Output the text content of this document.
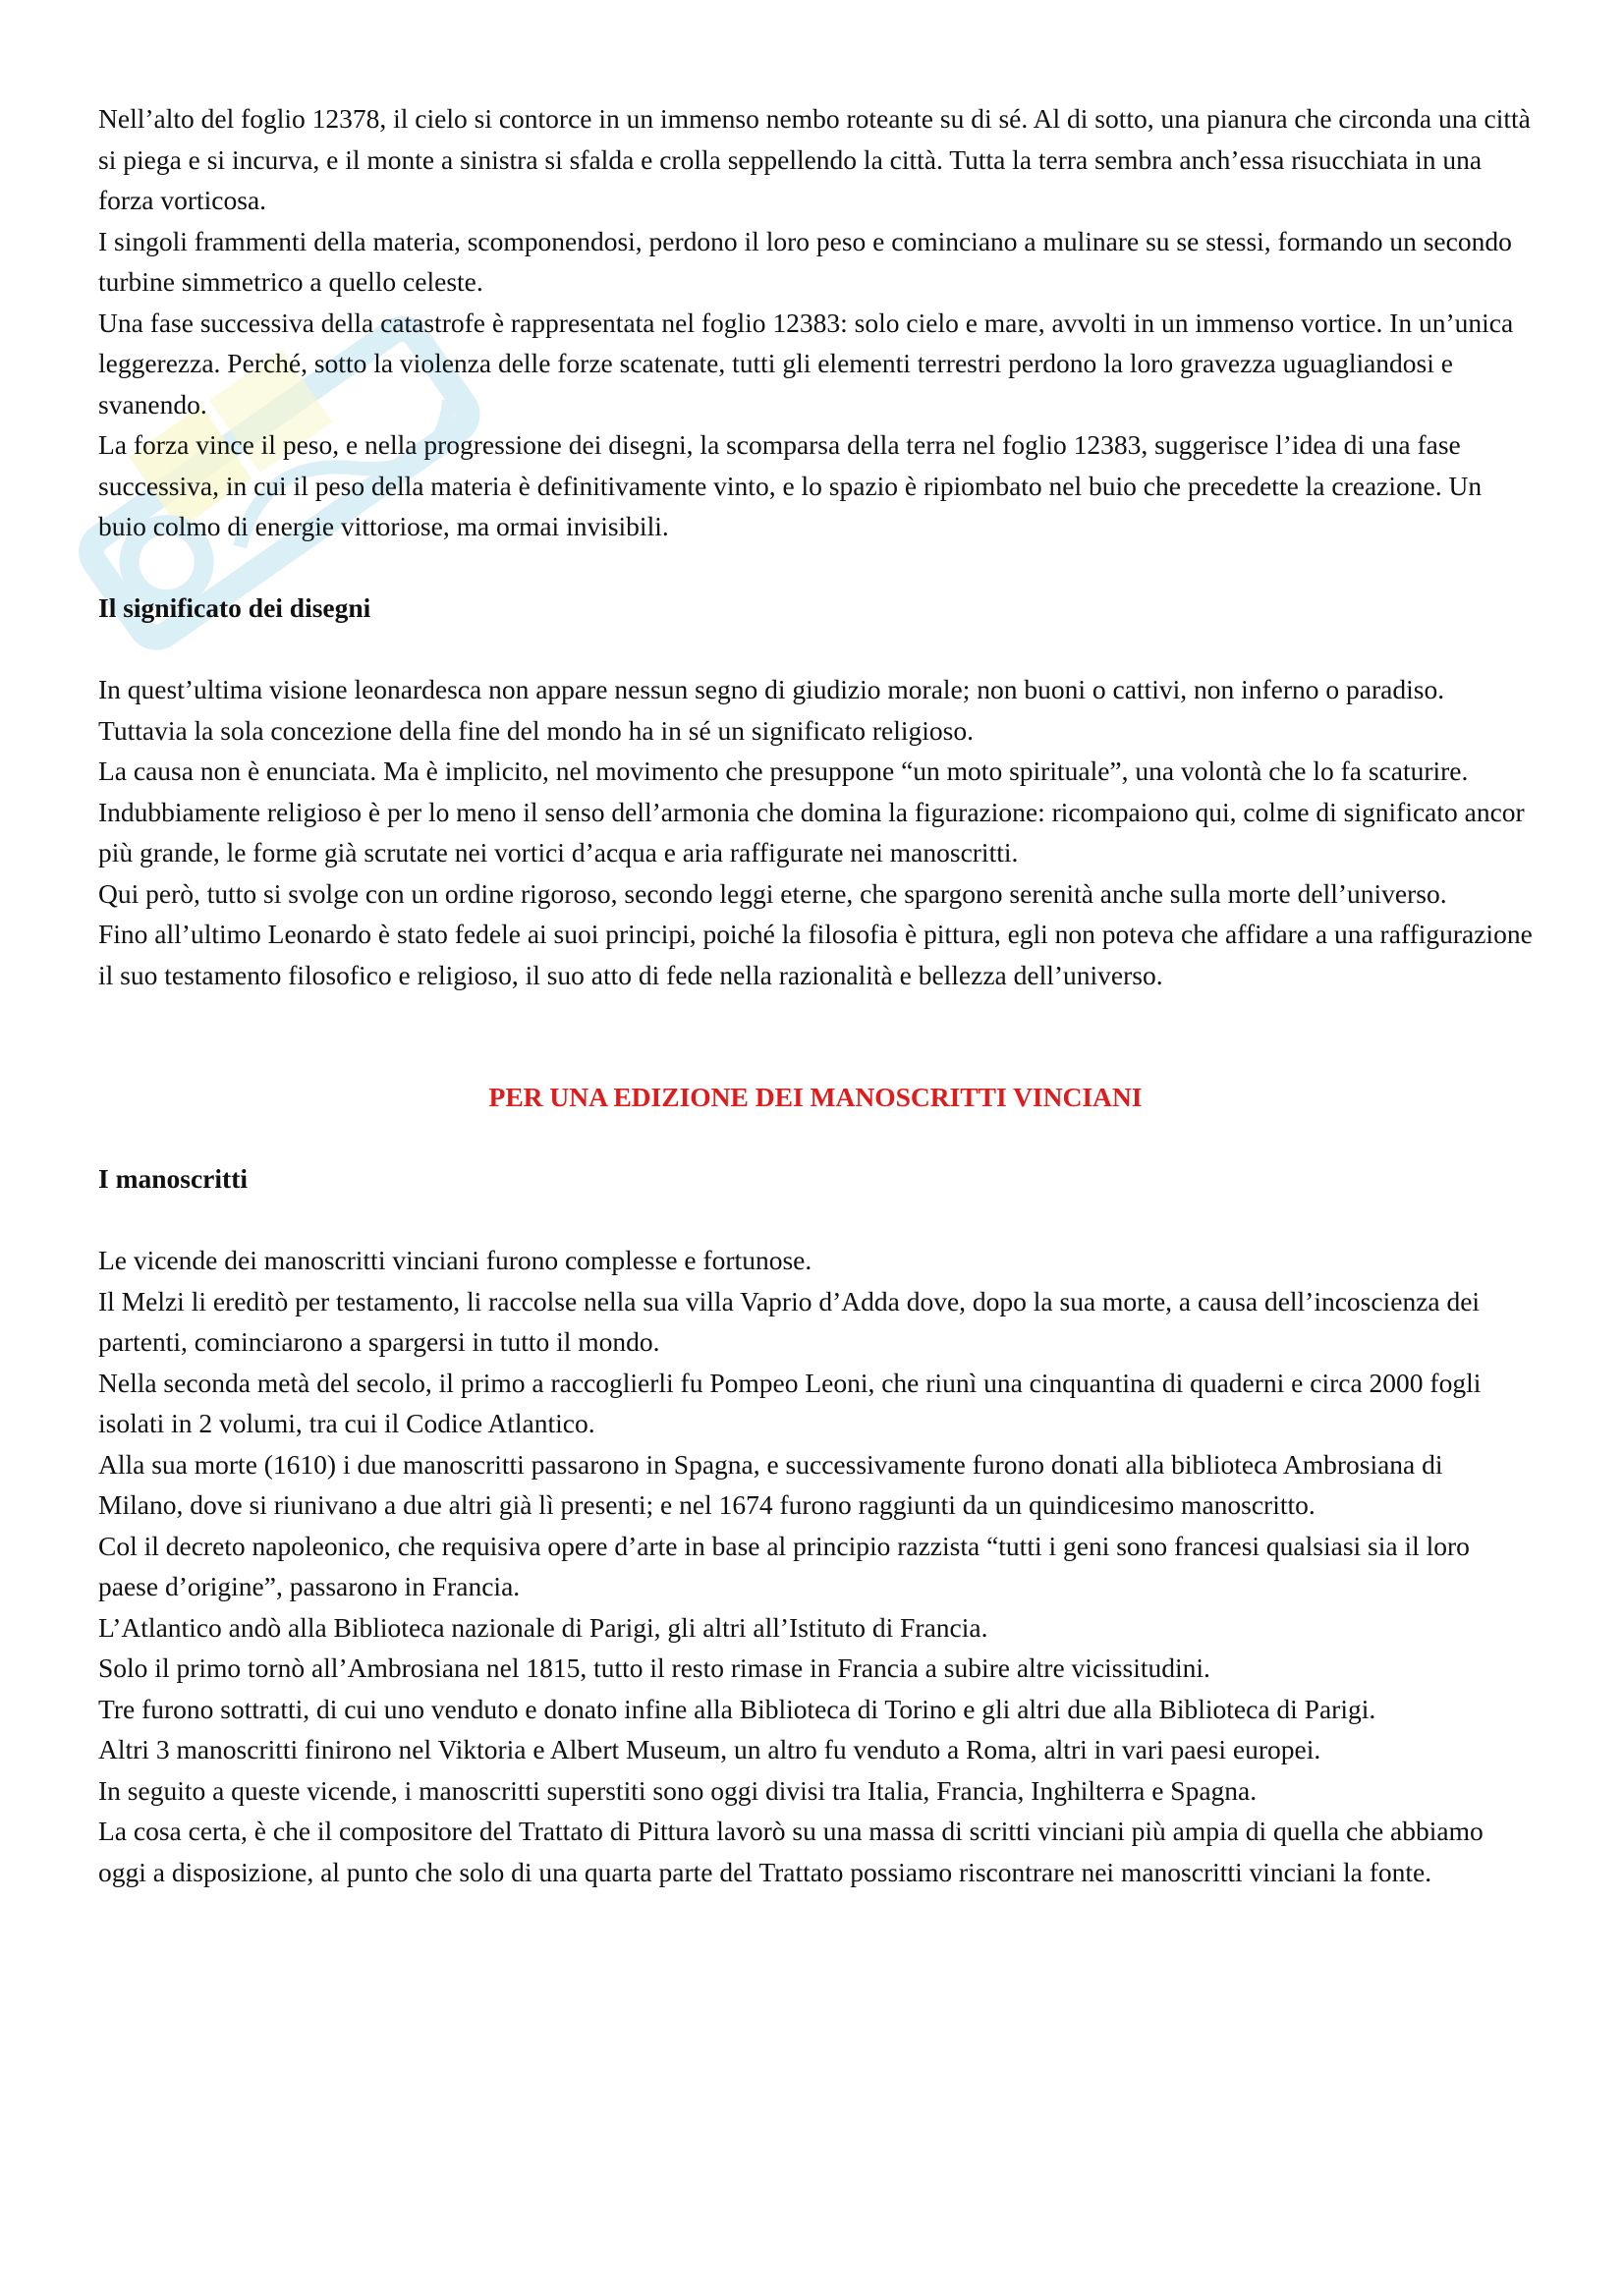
Nell’alto del foglio 12378, il cielo si contorce in un immenso nembo roteante su di sé. Al di sotto, una pianura che circonda una città si piega e si incurva, e il monte a sinistra si sfalda e crolla seppellendo la città. Tutta la terra sembra anch’essa risucchiata in una forza vorticosa.

I singoli frammenti della materia, scomponendosi, perdono il loro peso e cominciano a mulinare su se stessi, formando un secondo turbine simmetrico a quello celeste.

Una fase successiva della catastrofe è rappresentata nel foglio 12383: solo cielo e mare, avvolti in un immenso vortice. In un’unica leggerezza. Perché, sotto la violenza delle forze scatenate, tutti gli elementi terrestri perdono la loro gravezza uguagliandosi e svanendo.

La forza vince il peso, e nella progressione dei disegni, la scomparsa della terra nel foglio 12383, suggerisce l’idea di una fase successiva, in cui il peso della materia è definitivamente vinto, e lo spazio è ripiombato nel buio che precedette la creazione. Un buio colmo di energie vittoriose, ma ormai invisibili.

Il significato dei disegni

In quest’ultima visione leonardesca non appare nessun segno di giudizio morale; non buoni o cattivi, non inferno o paradiso.

Tuttavia la sola concezione della fine del mondo ha in sé un significato religioso.

La causa non è enunciata. Ma è implicito, nel movimento che presuppone “un moto spirituale”, una volontà che lo fa scaturire.

Indubbiamente religioso è per lo meno il senso dell’armonia che domina la figurazione: ricompaiono qui, colme di significato ancor più grande, le forme già scrutate nei vortici d’acqua e aria raffigurate nei manoscritti.

Qui però, tutto si svolge con un ordine rigoroso, secondo leggi eterne, che spargono serenità anche sulla morte dell’universo.

Fino all’ultimo Leonardo è stato fedele ai suoi principi, poiché la filosofia è pittura, egli non poteva che affidare a una raffigurazione il suo testamento filosofico e religioso, il suo atto di fede nella razionalità e bellezza dell’universo.

PER UNA EDIZIONE DEI MANOSCRITTI VINCIANI

I manoscritti

Le vicende dei manoscritti vinciani furono complesse e fortunose.

Il Melzi li ereditò per testamento, li raccolse nella sua villa Vaprio d’Adda dove, dopo la sua morte, a causa dell’incoscienza dei partenti, cominciarono a spargersi in tutto il mondo.

Nella seconda metà del secolo, il primo a raccoglierli fu Pompeo Leoni, che riunì una cinquantina di quaderni e circa 2000 fogli isolati in 2 volumi, tra cui il Codice Atlantico.

Alla sua morte (1610) i due manoscritti passarono in Spagna, e successivamente furono donati alla biblioteca Ambrosiana di Milano, dove si riunivano a due altri già lì presenti; e nel 1674 furono raggiunti da un quindicesimo manoscritto.

Col il decreto napoleonico, che requisiva opere d’arte in base al principio razzista “tutti i geni sono francesi qualsiasi sia il loro paese d’origine”, passarono in Francia.

L’Atlantico andò alla Biblioteca nazionale di Parigi, gli altri all’Istituto di Francia.

Solo il primo tornò all’Ambrosiana nel 1815, tutto il resto rimase in Francia a subire altre vicissitudini.

Tre furono sottratti, di cui uno venduto e donato infine alla Biblioteca di Torino e gli altri due alla Biblioteca di Parigi.

Altri 3 manoscritti finirono nel Viktoria e Albert Museum, un altro fu venduto a Roma, altri in vari paesi europei.

In seguito a queste vicende, i manoscritti superstiti sono oggi divisi tra Italia, Francia, Inghilterra e Spagna.

La cosa certa, è che il compositore del Trattato di Pittura lavorò su una massa di scritti vinciani più ampia di quella che abbiamo oggi a disposizione, al punto che solo di una quarta parte del Trattato possiamo riscontrare nei manoscritti vinciani la fonte.
